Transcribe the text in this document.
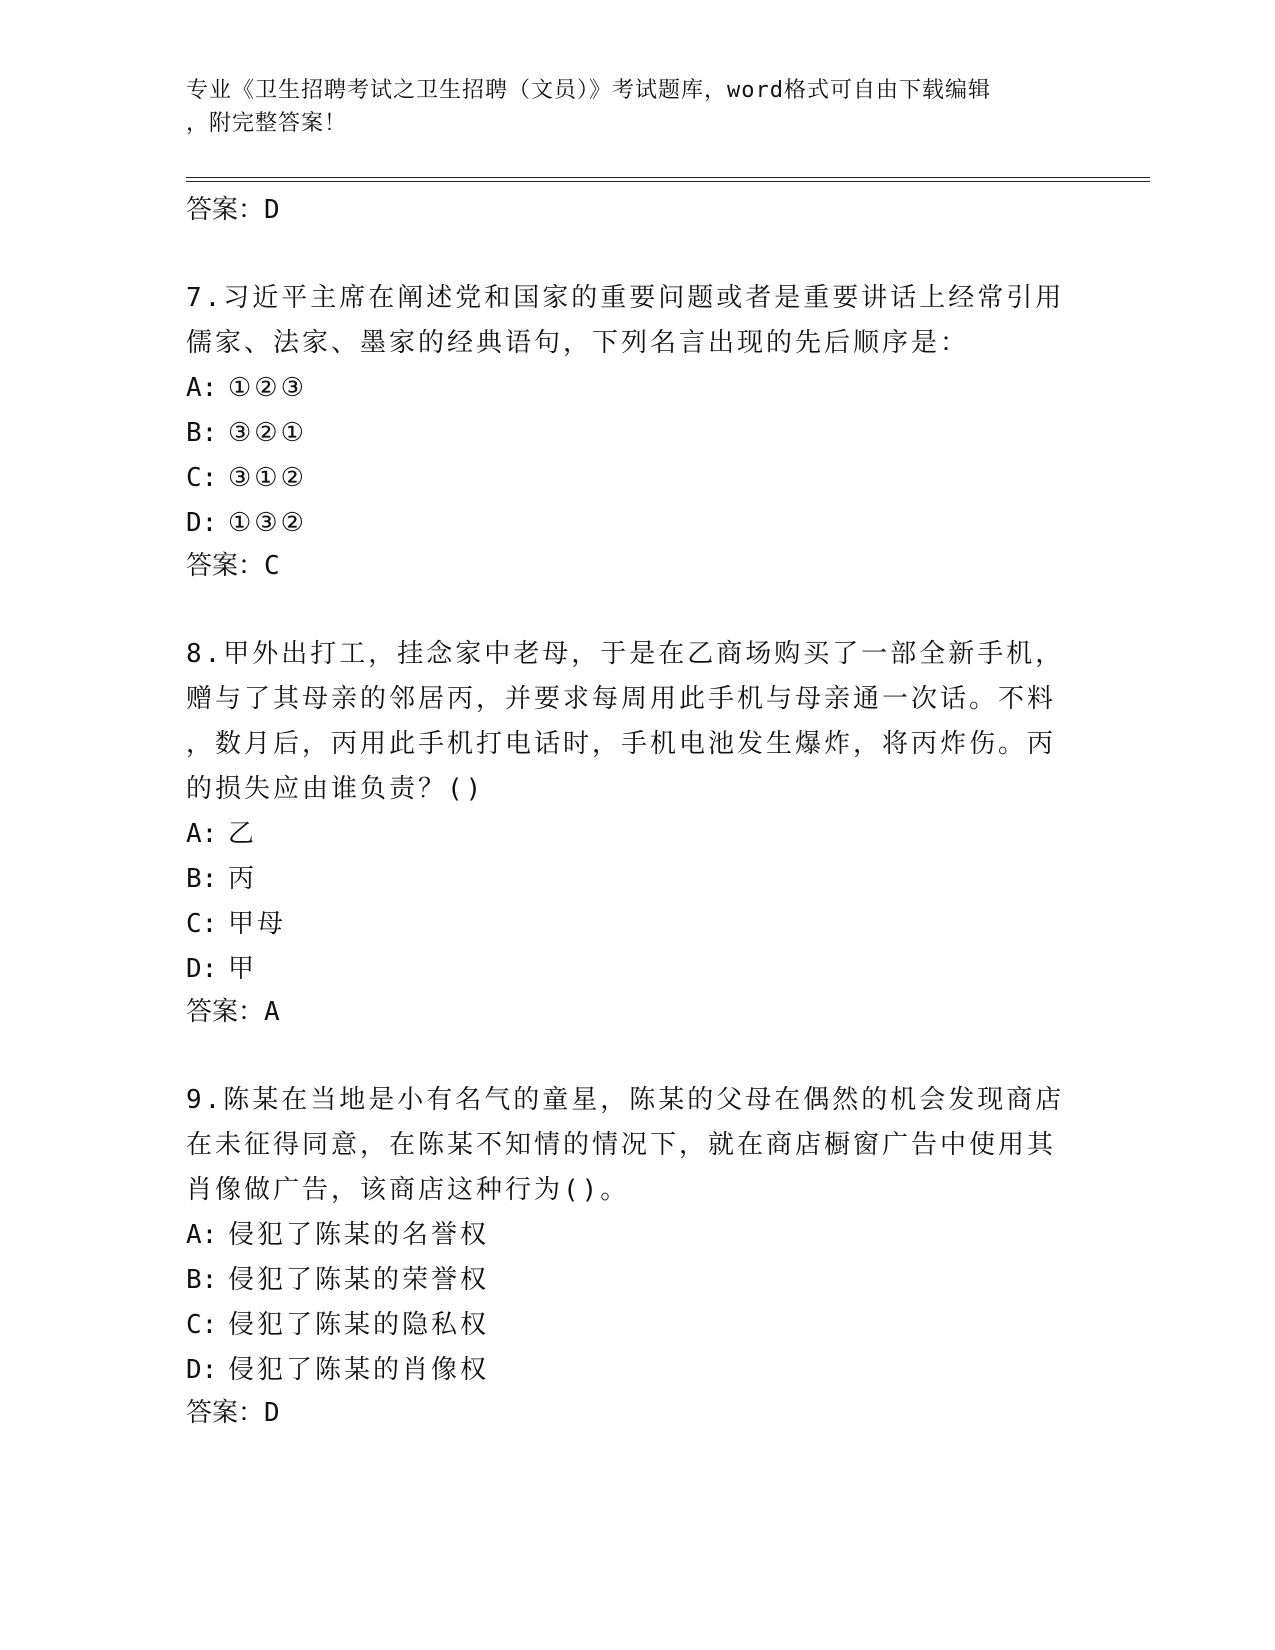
专业《卫生招聘考试之卫生招聘（文员）》考试题库，word格式可自由下载编辑
，附完整答案！
答案：D
7.习近平主席在阐述党和国家的重要问题或者是重要讲话上经常引用
儒家、法家、墨家的经典语句，下列名言出现的先后顺序是：
A: ①②③
B: ③②①
C: ③①②
D: ①③②
答案：C
8.甲外出打工，挂念家中老母，于是在乙商场购买了一部全新手机，
赠与了其母亲的邻居丙，并要求每周用此手机与母亲通一次话。不料
，数月后，丙用此手机打电话时，手机电池发生爆炸，将丙炸伤。丙
的损失应由谁负责？()
A: 乙
B: 丙
C: 甲母
D: 甲
答案：A
9.陈某在当地是小有名气的童星，陈某的父母在偶然的机会发现商店
在未征得同意，在陈某不知情的情况下，就在商店橱窗广告中使用其
肖像做广告，该商店这种行为()。
A: 侵犯了陈某的名誉权
B: 侵犯了陈某的荣誉权
C: 侵犯了陈某的隐私权
D: 侵犯了陈某的肖像权
答案：D
